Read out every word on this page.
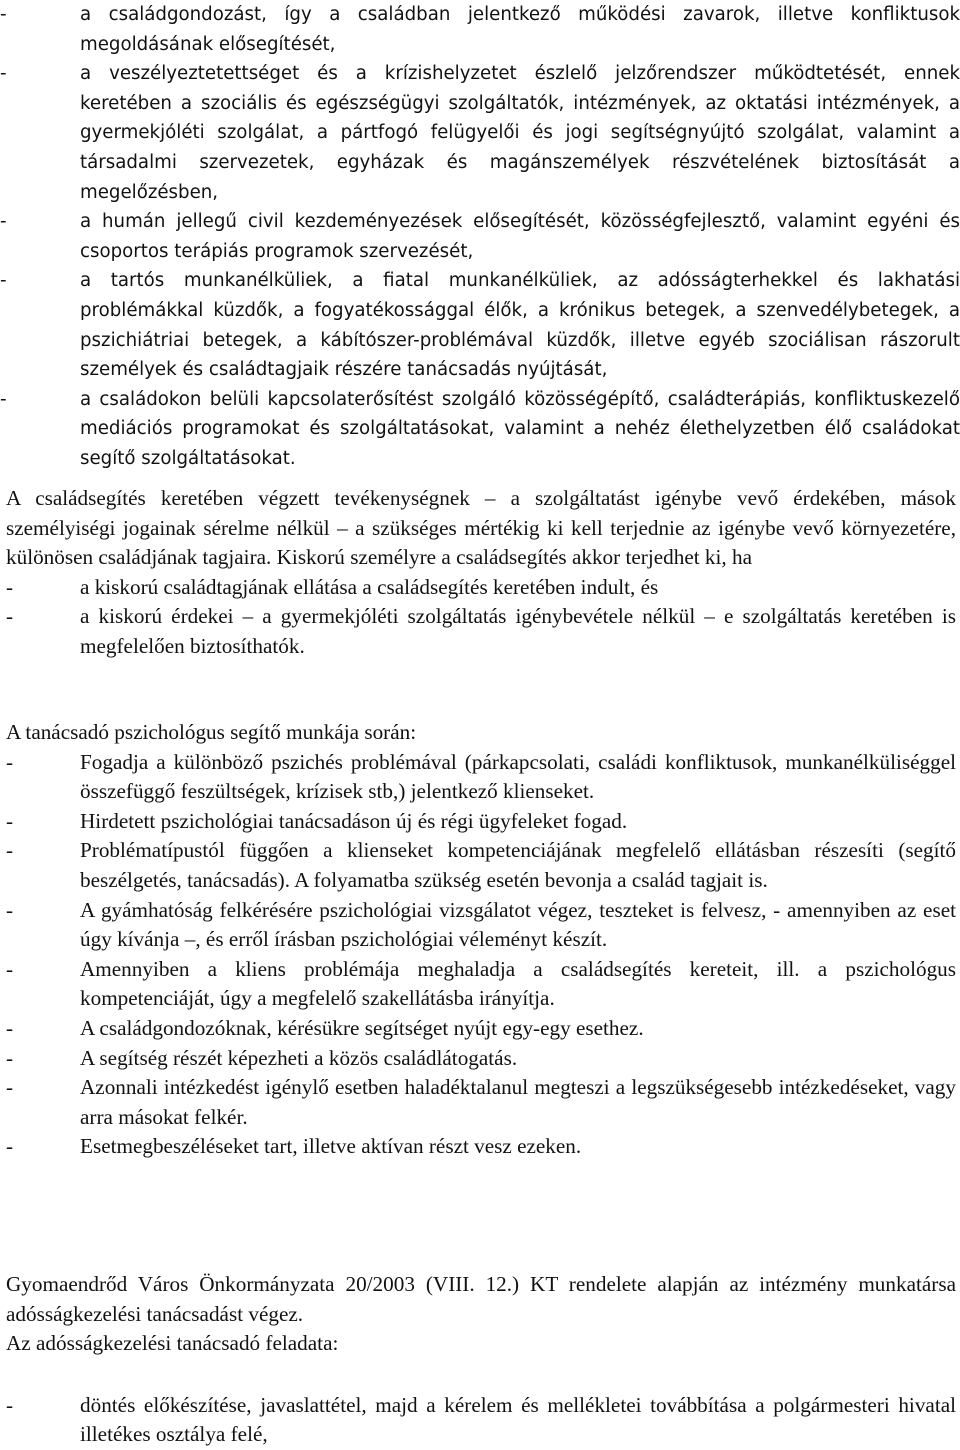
-	a családgondozást, így a családban jelentkező működési zavarok, illetve konfliktusok megoldásának elősegítését,
-	a veszélyeztetettséget és a krízishelyzetet észlelő jelzőrendszer működtetését, ennek keretében a szociális és egészségügyi szolgáltatók, intézmények, az oktatási intézmények, a gyermekjóléti szolgálat, a pártfogó felügyelői és jogi segítségnyújtó szolgálat, valamint a társadalmi szervezetek, egyházak és magánszemélyek részvételének biztosítását a megelőzésben,
-	a humán jellegű civil kezdeményezések elősegítését, közösségfejlesztő, valamint egyéni és csoportos terápiás programok szervezését,
-	a tartós munkanélküliek, a fiatal munkanélküliek, az adósságterhekkel és lakhatási problémákkal küzdők, a fogyatékossággal élők, a krónikus betegek, a szenvedélybetegek, a pszichiátriai betegek, a kábítószer-problémával küzdők, illetve egyéb szociálisan rászorult személyek és családtagjaik részére tanácsadás nyújtását,
-	a családokon belüli kapcsolaterősítést szolgáló közösségépítő, családterápiás, konfliktuskezelő mediációs programokat és szolgáltatásokat, valamint a nehéz élethelyzetben élő családokat segítő szolgáltatásokat.
A családsegítés keretében végzett tevékenységnek – a szolgáltatást igénybe vevő érdekében, mások személyiségi jogainak sérelme nélkül – a szükséges mértékig ki kell terjednie az igénybe vevő környezetére, különösen családjának tagjaira. Kiskorú személyre a családsegítés akkor terjedhet ki, ha
-	a kiskorú családtagjának ellátása a családsegítés keretében indult, és
-	a kiskorú érdekei – a gyermekjóléti szolgáltatás igénybevétele nélkül – e szolgáltatás keretében is megfelelően biztosíthatók.
A tanácsadó pszichológus segítő munkája során:
-	Fogadja a különböző pszichés problémával (párkapcsolati, családi konfliktusok, munkanélküliséggel összefüggő feszültségek, krízisek stb,) jelentkező klienseket.
-	Hirdetett pszichológiai tanácsadáson új és régi ügyfeleket fogad.
-	Problématípustól függően a klienseket kompetenciájának megfelelő ellátásban részesíti (segítő beszélgetés, tanácsadás). A folyamatba szükség esetén bevonja a család tagjait is.
-	A gyámhatóság felkérésére pszichológiai vizsgálatot végez, teszteket is felvesz, - amennyiben az eset úgy kívánja –, és erről írásban pszichológiai véleményt készít.
-	Amennyiben a kliens problémája meghaladja a családsegítés kereteit, ill. a pszichológus kompetenciáját, úgy a megfelelő szakellátásba irányítja.
-	A családgondozóknak, kérésükre segítséget nyújt egy-egy esethez.
-	A segítség részét képezheti a közös családlátogatás.
-	Azonnali intézkedést igénylő esetben haladéktalanul megteszi a legszükségesebb intézkedéseket, vagy arra másokat felkér.
-	Esetmegbeszéléseket tart, illetve aktívan részt vesz ezeken.
Gyomaendrőd Város Önkormányzata 20/2003 (VIII. 12.) KT rendelete alapján az intézmény munkatársa adósságkezelési tanácsadást végez.
Az adósságkezelési tanácsadó feladata:
-	döntés előkészítése, javaslattétel, majd a kérelem és mellékletei továbbítása a polgármesteri hivatal illetékes osztálya felé,
